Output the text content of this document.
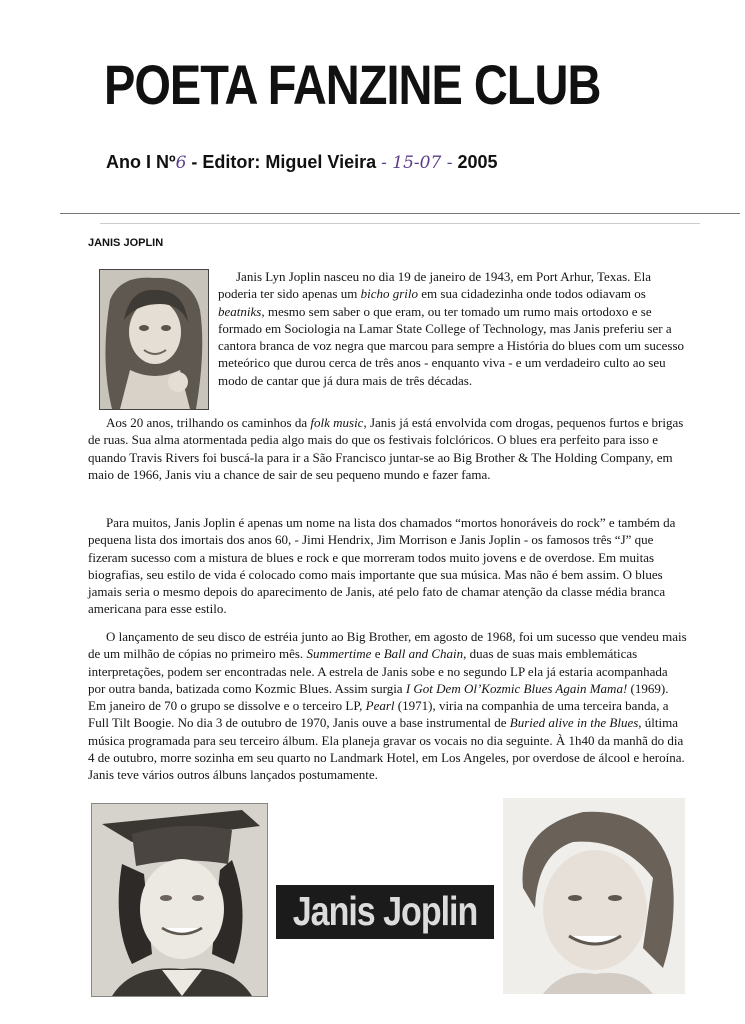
POETA FANZINE CLUB
Ano I Nº6 - Editor: Miguel Vieira - 15-07 - 2005
JANIS JOPLIN

Janis Lyn Joplin nasceu no dia 19 de janeiro de 1943, em Port Arhur, Texas. Ela poderia ter sido apenas um bicho grilo em sua cidadezinha onde todos odiavam os beatniks, mesmo sem saber o que eram, ou ter tomado um rumo mais ortodoxo e se formado em Sociologia na Lamar State College of Technology, mas Janis preferiu ser a cantora branca de voz negra que marcou para sempre a História do blues com um sucesso meteórico que durou cerca de três anos - enquanto viva - e um verdadeiro culto ao seu modo de cantar que já dura mais de três décadas.

Aos 20 anos, trilhando os caminhos da folk music, Janis já está envolvida com drogas, pequenos furtos e brigas de ruas. Sua alma atormentada pedia algo mais do que os festivais folclóricos. O blues era perfeito para isso e quando Travis Rivers foi buscá-la para ir a São Francisco juntar-se ao Big Brother & The Holding Company, em maio de 1966, Janis viu a chance de sair de seu pequeno mundo e fazer fama.

Para muitos, Janis Joplin é apenas um nome na lista dos chamados “mortos honoráveis do rock” e também da pequena lista dos imortais dos anos 60, - Jimi Hendrix, Jim Morrison e Janis Joplin - os famosos três “J” que fizeram sucesso com a mistura de blues e rock e que morreram todos muito jovens e de overdose. Em muitas biografias, seu estilo de vida é colocado como mais importante que sua música. Mas não é bem assim. O blues jamais seria o mesmo depois do aparecimento de Janis, até pelo fato de chamar atenção da classe média branca americana para esse estilo.

O lançamento de seu disco de estréia junto ao Big Brother, em agosto de 1968, foi um sucesso que vendeu mais de um milhão de cópias no primeiro mês. Summertime e Ball and Chain, duas de suas mais emblemáticas interpretações, podem ser encontradas nele. A estrela de Janis sobe e no segundo LP ela já estaria acompanhada por outra banda, batizada como Kozmic Blues. Assim surgia I Got Dem Ol’Kozmic Blues Again Mama! (1969). Em janeiro de 70 o grupo se dissolve e o terceiro LP, Pearl (1971), viria na companhia de uma terceira banda, a Full Tilt Boogie. No dia 3 de outubro de 1970, Janis ouve a base instrumental de Buried alive in the Blues, última música programada para seu terceiro álbum. Ela planeja gravar os vocais no dia seguinte. À 1h40 da manhã do dia 4 de outubro, morre sozinha em seu quarto no Landmark Hotel, em Los Angeles, por overdose de álcool e heroína. Janis teve vários outros álbuns lançados postumamente.

Janis Joplin
